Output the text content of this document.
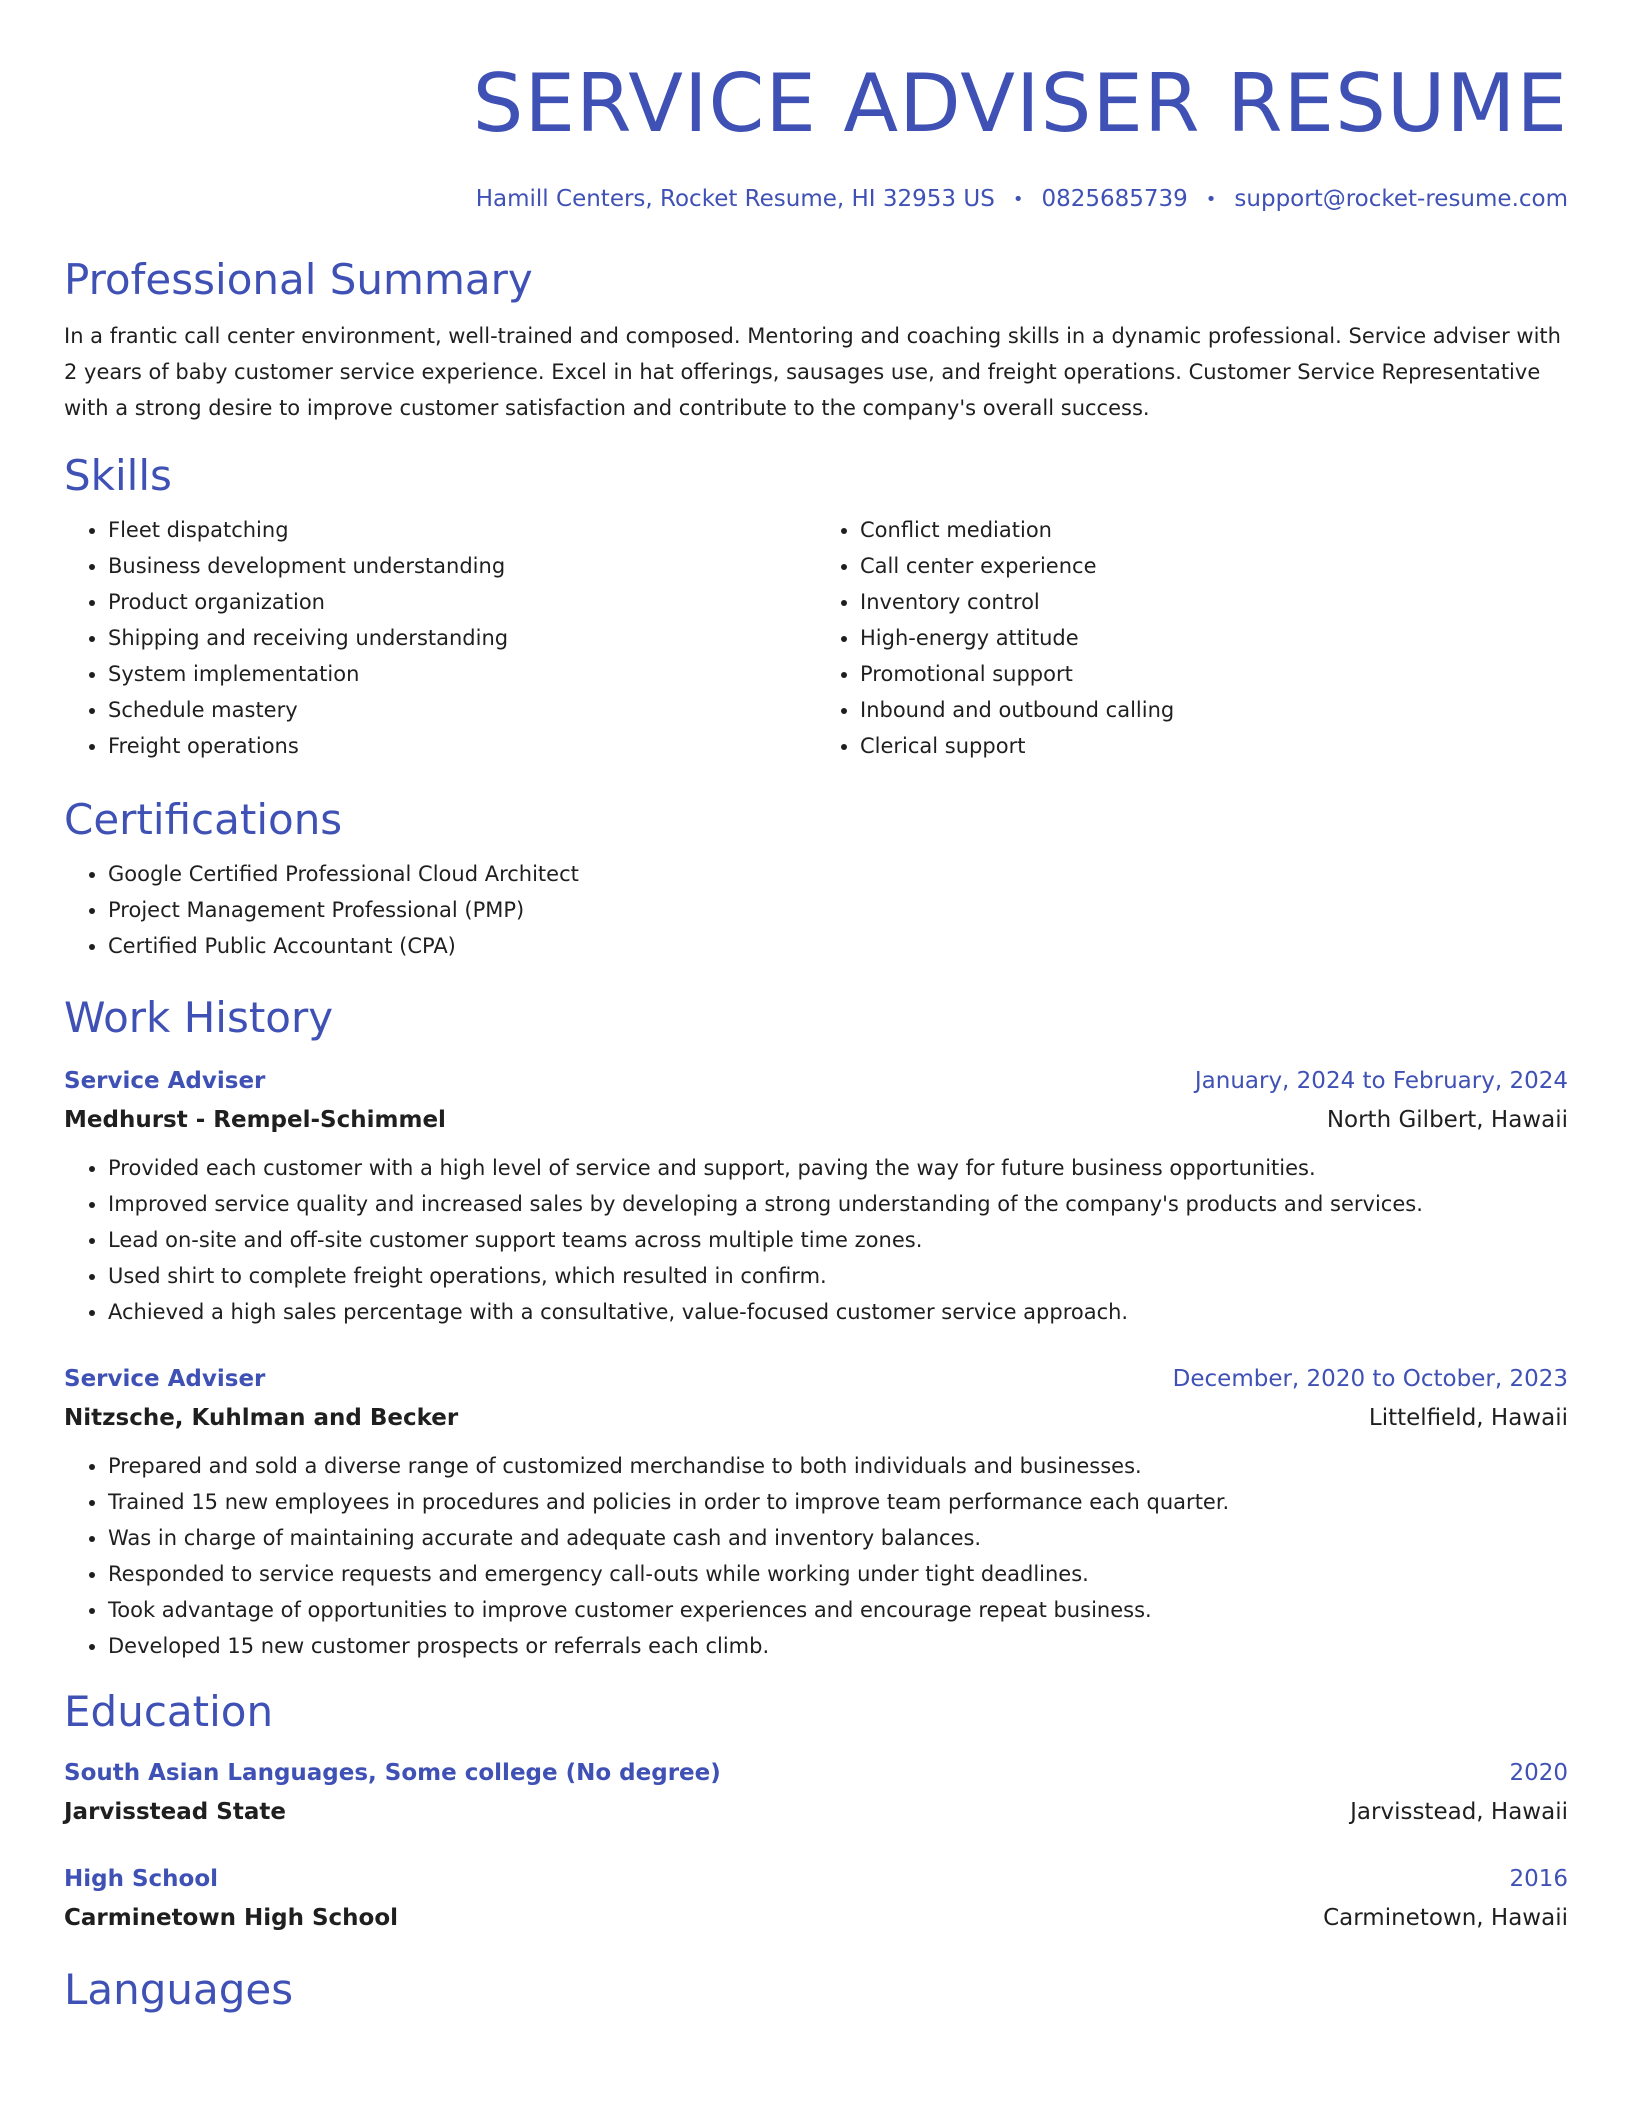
SERVICE ADVISER RESUME
Hamill Centers, Rocket Resume, HI 32953 US • 0825685739 • support@rocket-resume.com
Professional Summary
In a frantic call center environment, well-trained and composed. Mentoring and coaching skills in a dynamic professional. Service adviser with 2 years of baby customer service experience. Excel in hat offerings, sausages use, and freight operations. Customer Service Representative with a strong desire to improve customer satisfaction and contribute to the company's overall success.
Skills
• Fleet dispatching
• Business development understanding
• Product organization
• Shipping and receiving understanding
• System implementation
• Schedule mastery
• Freight operations
• Conflict mediation
• Call center experience
• Inventory control
• High-energy attitude
• Promotional support
• Inbound and outbound calling
• Clerical support
Certifications
• Google Certified Professional Cloud Architect
• Project Management Professional (PMP)
• Certified Public Accountant (CPA)
Work History
Service Adviser	January, 2024 to February, 2024
Medhurst - Rempel-Schimmel	North Gilbert, Hawaii
• Provided each customer with a high level of service and support, paving the way for future business opportunities.
• Improved service quality and increased sales by developing a strong understanding of the company's products and services.
• Lead on-site and off-site customer support teams across multiple time zones.
• Used shirt to complete freight operations, which resulted in confirm.
• Achieved a high sales percentage with a consultative, value-focused customer service approach.
Service Adviser	December, 2020 to October, 2023
Nitzsche, Kuhlman and Becker	Littelfield, Hawaii
• Prepared and sold a diverse range of customized merchandise to both individuals and businesses.
• Trained 15 new employees in procedures and policies in order to improve team performance each quarter.
• Was in charge of maintaining accurate and adequate cash and inventory balances.
• Responded to service requests and emergency call-outs while working under tight deadlines.
• Took advantage of opportunities to improve customer experiences and encourage repeat business.
• Developed 15 new customer prospects or referrals each climb.
Education
South Asian Languages, Some college (No degree)	2020
Jarvisstead State	Jarvisstead, Hawaii
High School	2016
Carminetown High School	Carminetown, Hawaii
Languages
